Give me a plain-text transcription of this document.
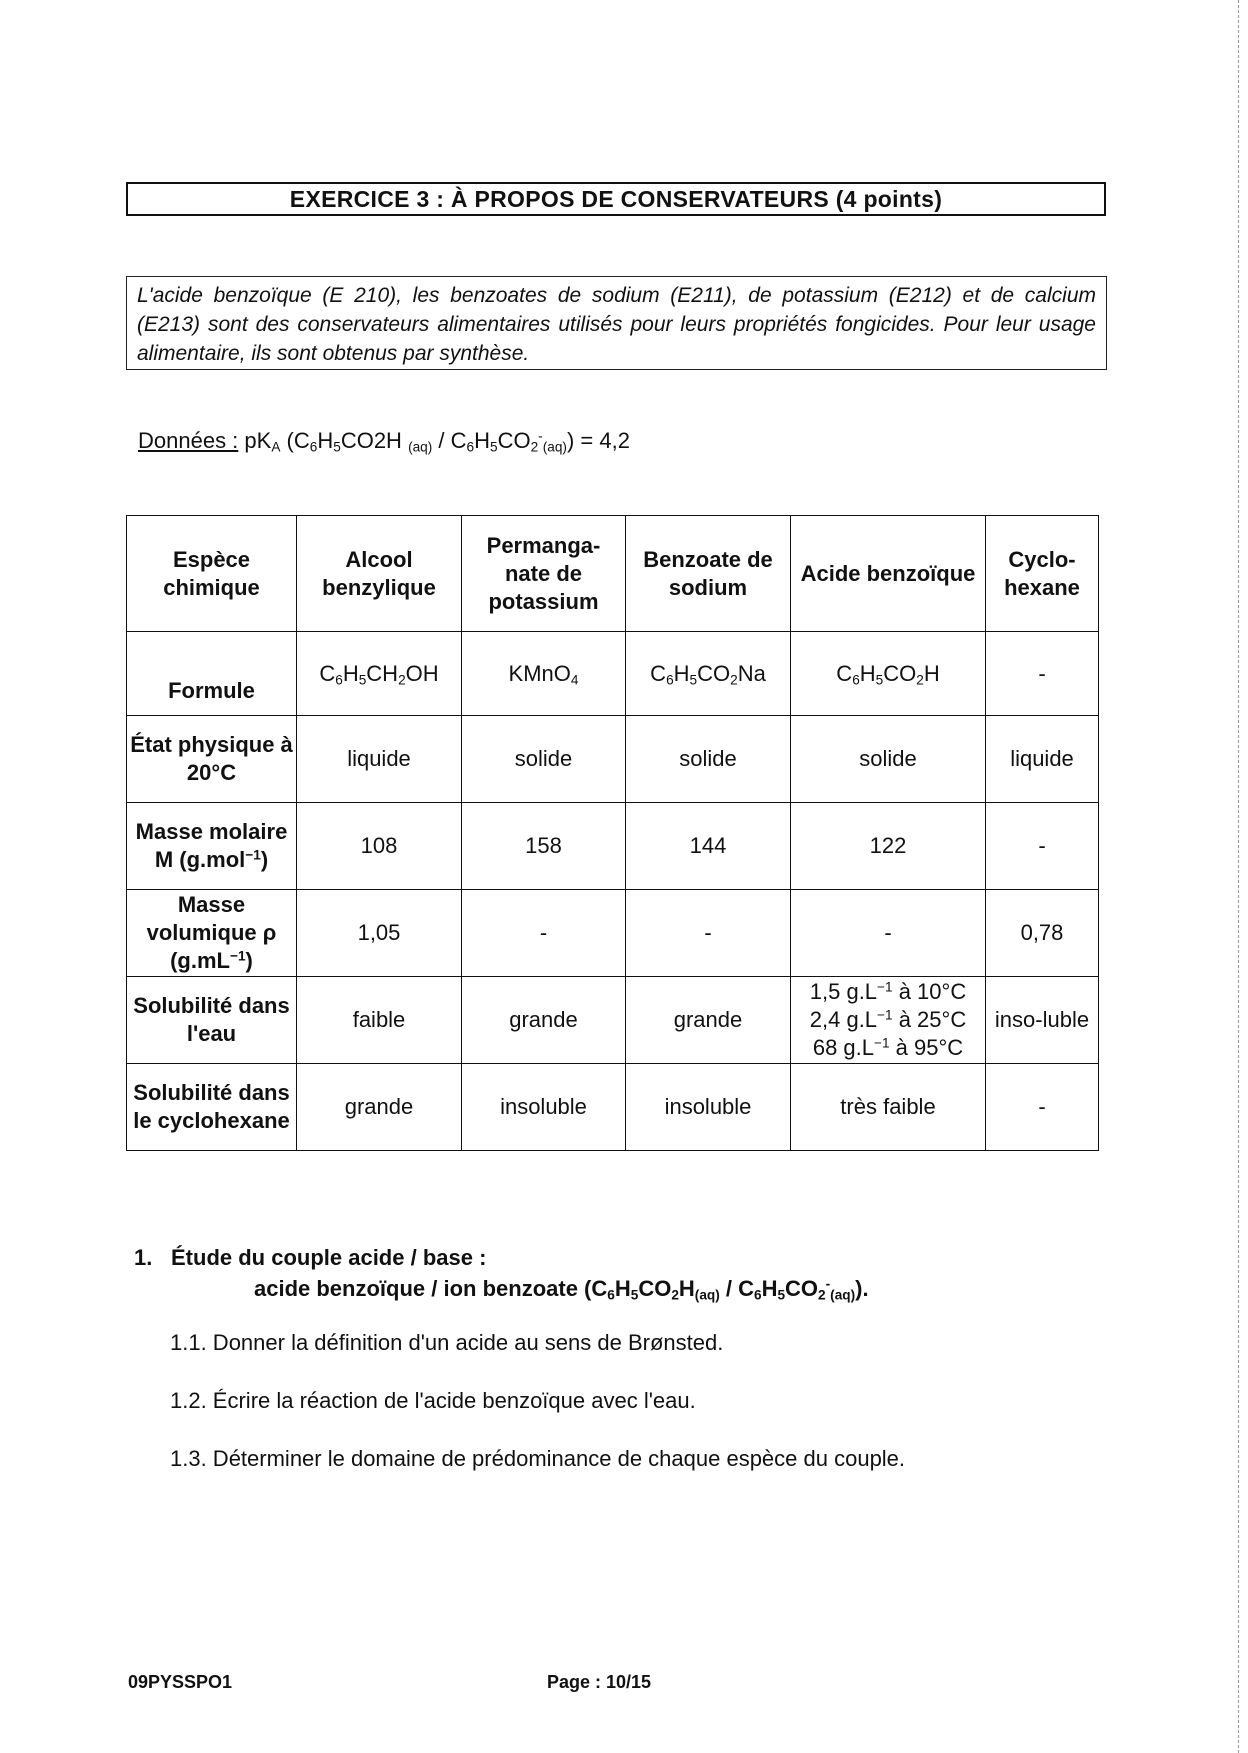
EXERCICE 3 : À PROPOS DE CONSERVATEURS (4 points)

L'acide benzoïque (E 210), les benzoates de sodium (E211), de potassium (E212) et de calcium (E213) sont des conservateurs alimentaires utilisés pour leurs propriétés fongicides. Pour leur usage alimentaire, ils sont obtenus par synthèse.

Données : $pK_A$ ($C_6H_5CO2H$ $_{(aq)} / C_6H_5CO_2^-_{(aq)}) = 4,2$
Espèce chimique	Alcool benzylique	Permanga-nate de potassium	Benzoate de sodium	Acide benzoïque	Cyclo-hexane
Formule	$C_6H_5CH_2OH$	KMnO$_4$	$C_6H_5CO_2Na$	$C_6H_5CO_2H$	-
État physique à 20°C	liquide	solide	solide	solide	liquide
Masse molaire M (g.mol$^{-1}$)	108	158	144	122	-
Masse volumique ρ $(g.mL^{-1})$	1,05	-	-	-	0,78
Solubilité dans l'eau	faible	grande	grande	1,5 $g.L^{-1}$ à 10°C
2,4 $g.L^{-1}$ à 25°C
68 $g.L^{-1}$ à 95°C	inso-luble
Solubilité dans le cyclohexane	grande	insoluble	insoluble	très faible	-
1. Étude du couple acide / base :
acide benzoïque / ion benzoate $(C_6H_5CO_2H_{(aq)} / C_6H_5CO_2^-_{(aq)})$.
1.1. Donner la définition d'un acide au sens de Brønsted.
1.2. Écrire la réaction de l'acide benzoïque avec l'eau.
1.3. Déterminer le domaine de prédominance de chaque espèce du couple.
09PYSSPO1	Page : 10/15
